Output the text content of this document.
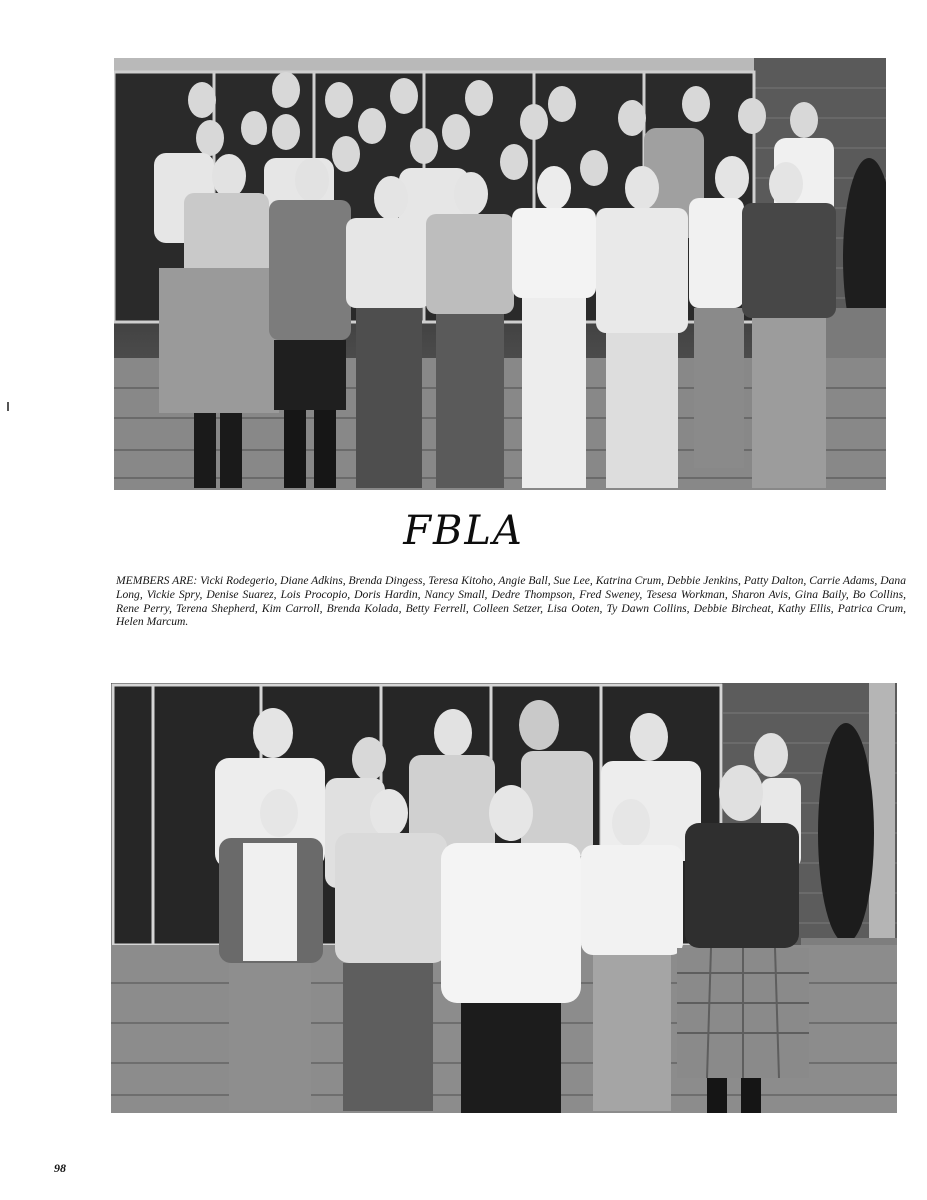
FBLA
MEMBERS ARE: Vicki Rodegerio, Diane Adkins, Brenda Dingess, Teresa Kitoho, Angie Ball, Sue Lee, Katrina Crum, Debbie Jenkins, Patty Dalton, Carrie Adams, Dana Long, Vickie Spry, Denise Suarez, Lois Procopio, Doris Hardin, Nancy Small, Dedre Thompson, Fred Sweney, Tesesa Workman, Sharon Avis, Gina Baily, Bo Collins, Rene Perry, Terena Shepherd, Kim Carroll, Brenda Kolada, Betty Ferrell, Colleen Setzer, Lisa Ooten, Ty Dawn Collins, Debbie Bircheat, Kathy Ellis, Patrica Crum, Helen Marcum.
98
